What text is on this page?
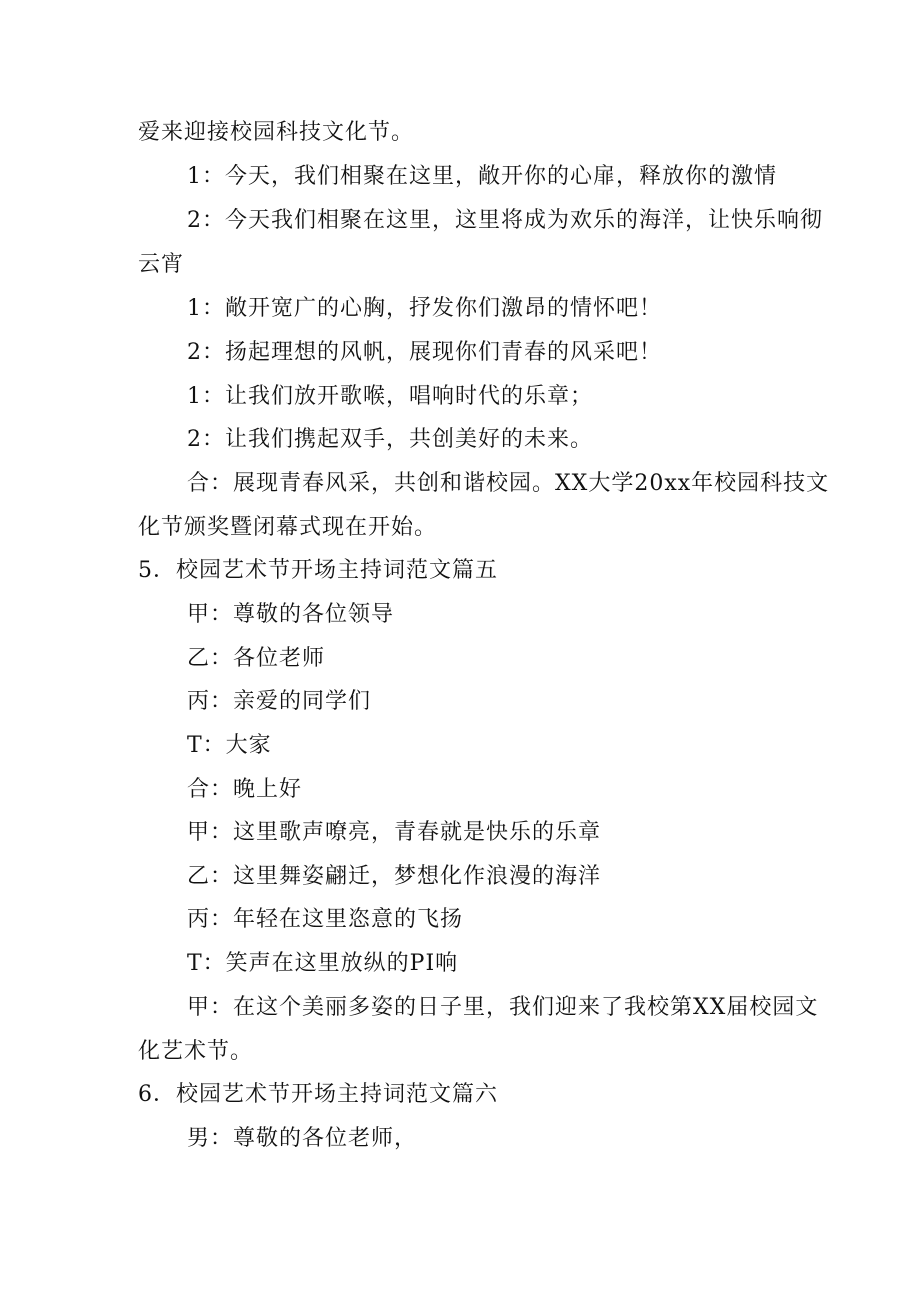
爱来迎接校园科技文化节。
1：今天，我们相聚在这里，敞开你的心扉，释放你的激情
2：今天我们相聚在这里，这里将成为欢乐的海洋，让快乐响彻
云宵
1：敞开宽广的心胸，抒发你们激昂的情怀吧！
2：扬起理想的风帆，展现你们青春的风采吧！
1：让我们放开歌喉，唱响时代的乐章；
2：让我们携起双手，共创美好的未来。
合：展现青春风采，共创和谐校园。XX大学20xx年校园科技文
化节颁奖暨闭幕式现在开始。
5．校园艺术节开场主持词范文篇五
甲：尊敬的各位领导
乙：各位老师
丙：亲爱的同学们
T：大家
合：晚上好
甲：这里歌声嘹亮，青春就是快乐的乐章
乙：这里舞姿翩迁，梦想化作浪漫的海洋
丙：年轻在这里恣意的飞扬
T：笑声在这里放纵的PI响
甲：在这个美丽多姿的日子里，我们迎来了我校第XX届校园文
化艺术节。
6．校园艺术节开场主持词范文篇六
男：尊敬的各位老师，
